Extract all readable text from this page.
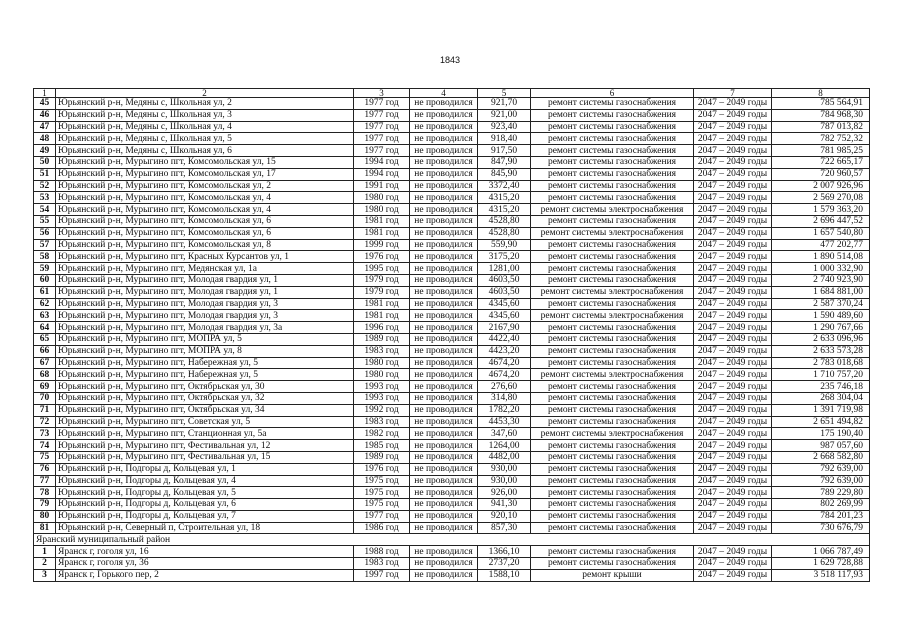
1843
1	2	3	4	5	6	7	8
45	Юрьянский р-н, Медяны с, Школьная ул, 2	1977 год	не проводился	921,70	ремонт системы газоснабжения	2047 – 2049 годы	785 564,91
46	Юрьянский р-н, Медяны с, Школьная ул, 3	1977 год	не проводился	921,00	ремонт системы газоснабжения	2047 – 2049 годы	784 968,30
47	Юрьянский р-н, Медяны с, Школьная ул, 4	1977 год	не проводился	923,40	ремонт системы газоснабжения	2047 – 2049 годы	787 013,82
48	Юрьянский р-н, Медяны с, Школьная ул, 5	1977 год	не проводился	918,40	ремонт системы газоснабжения	2047 – 2049 годы	782 752,32
49	Юрьянский р-н, Медяны с, Школьная ул, 6	1977 год	не проводился	917,50	ремонт системы газоснабжения	2047 – 2049 годы	781 985,25
50	Юрьянский р-н, Мурыгино пгт, Комсомольская ул, 15	1994 год	не проводился	847,90	ремонт системы газоснабжения	2047 – 2049 годы	722 665,17
51	Юрьянский р-н, Мурыгино пгт, Комсомольская ул, 17	1994 год	не проводился	845,90	ремонт системы газоснабжения	2047 – 2049 годы	720 960,57
52	Юрьянский р-н, Мурыгино пгт, Комсомольская ул, 2	1991 год	не проводился	3372,40	ремонт системы газоснабжения	2047 – 2049 годы	2 007 926,96
53	Юрьянский р-н, Мурыгино пгт, Комсомольская ул, 4	1980 год	не проводился	4315,20	ремонт системы газоснабжения	2047 – 2049 годы	2 569 270,08
54	Юрьянский р-н, Мурыгино пгт, Комсомольская ул, 4	1980 год	не проводился	4315,20	ремонт системы электроснабжения	2047 – 2049 годы	1 579 363,20
55	Юрьянский р-н, Мурыгино пгт, Комсомольская ул, 6	1981 год	не проводился	4528,80	ремонт системы газоснабжения	2047 – 2049 годы	2 696 447,52
56	Юрьянский р-н, Мурыгино пгт, Комсомольская ул, 6	1981 год	не проводился	4528,80	ремонт системы электроснабжения	2047 – 2049 годы	1 657 540,80
57	Юрьянский р-н, Мурыгино пгт, Комсомольская ул, 8	1999 год	не проводился	559,90	ремонт системы газоснабжения	2047 – 2049 годы	477 202,77
58	Юрьянский р-н, Мурыгино пгт, Красных Курсантов ул, 1	1976 год	не проводился	3175,20	ремонт системы газоснабжения	2047 – 2049 годы	1 890 514,08
59	Юрьянский р-н, Мурыгино пгт, Медянская ул, 1а	1995 год	не проводился	1281,00	ремонт системы газоснабжения	2047 – 2049 годы	1 000 332,90
60	Юрьянский р-н, Мурыгино пгт, Молодая гвардия ул, 1	1979 год	не проводился	4603,50	ремонт системы газоснабжения	2047 – 2049 годы	2 740 923,90
61	Юрьянский р-н, Мурыгино пгт, Молодая гвардия ул, 1	1979 год	не проводился	4603,50	ремонт системы электроснабжения	2047 – 2049 годы	1 684 881,00
62	Юрьянский р-н, Мурыгино пгт, Молодая гвардия ул, 3	1981 год	не проводился	4345,60	ремонт системы газоснабжения	2047 – 2049 годы	2 587 370,24
63	Юрьянский р-н, Мурыгино пгт, Молодая гвардия ул, 3	1981 год	не проводился	4345,60	ремонт системы электроснабжения	2047 – 2049 годы	1 590 489,60
64	Юрьянский р-н, Мурыгино пгт, Молодая гвардия ул, 3а	1996 год	не проводился	2167,90	ремонт системы газоснабжения	2047 – 2049 годы	1 290 767,66
65	Юрьянский р-н, Мурыгино пгт, МОПРА ул, 5	1989 год	не проводился	4422,40	ремонт системы газоснабжения	2047 – 2049 годы	2 633 096,96
66	Юрьянский р-н, Мурыгино пгт, МОПРА ул, 8	1983 год	не проводился	4423,20	ремонт системы газоснабжения	2047 – 2049 годы	2 633 573,28
67	Юрьянский р-н, Мурыгино пгт, Набережная ул, 5	1980 год	не проводился	4674,20	ремонт системы газоснабжения	2047 – 2049 годы	2 783 018,68
68	Юрьянский р-н, Мурыгино пгт, Набережная ул, 5	1980 год	не проводился	4674,20	ремонт системы электроснабжения	2047 – 2049 годы	1 710 757,20
69	Юрьянский р-н, Мурыгино пгт, Октябрьская ул, 30	1993 год	не проводился	276,60	ремонт системы газоснабжения	2047 – 2049 годы	235 746,18
70	Юрьянский р-н, Мурыгино пгт, Октябрьская ул, 32	1993 год	не проводился	314,80	ремонт системы газоснабжения	2047 – 2049 годы	268 304,04
71	Юрьянский р-н, Мурыгино пгт, Октябрьская ул, 34	1992 год	не проводился	1782,20	ремонт системы газоснабжения	2047 – 2049 годы	1 391 719,98
72	Юрьянский р-н, Мурыгино пгт, Советская ул, 5	1983 год	не проводился	4453,30	ремонт системы газоснабжения	2047 – 2049 годы	2 651 494,82
73	Юрьянский р-н, Мурыгино пгт, Станционная ул, 5а	1982 год	не проводился	347,60	ремонт системы электроснабжения	2047 – 2049 годы	175 190,40
74	Юрьянский р-н, Мурыгино пгт, Фестивальная ул, 12	1985 год	не проводился	1264,00	ремонт системы газоснабжения	2047 – 2049 годы	987 057,60
75	Юрьянский р-н, Мурыгино пгт, Фестивальная ул, 15	1989 год	не проводился	4482,00	ремонт системы газоснабжения	2047 – 2049 годы	2 668 582,80
76	Юрьянский р-н, Подгоры д, Кольцевая ул, 1	1976 год	не проводился	930,00	ремонт системы газоснабжения	2047 – 2049 годы	792 639,00
77	Юрьянский р-н, Подгоры д, Кольцевая ул, 4	1975 год	не проводился	930,00	ремонт системы газоснабжения	2047 – 2049 годы	792 639,00
78	Юрьянский р-н, Подгоры д, Кольцевая ул, 5	1975 год	не проводился	926,00	ремонт системы газоснабжения	2047 – 2049 годы	789 229,80
79	Юрьянский р-н, Подгоры д, Кольцевая ул, 6	1975 год	не проводился	941,30	ремонт системы газоснабжения	2047 – 2049 годы	802 269,99
80	Юрьянский р-н, Подгоры д, Кольцевая ул, 7	1977 год	не проводился	920,10	ремонт системы газоснабжения	2047 – 2049 годы	784 201,23
81	Юрьянский р-н, Северный п, Строительная ул, 18	1986 год	не проводился	857,30	ремонт системы газоснабжения	2047 – 2049 годы	730 676,79
Яранский муниципальный район							
1	Яранск г, гоголя ул, 16	1988 год	не проводился	1366,10	ремонт системы газоснабжения	2047 – 2049 годы	1 066 787,49
2	Яранск г, гоголя ул, 36	1983 год	не проводился	2737,20	ремонт системы газоснабжения	2047 – 2049 годы	1 629 728,88
3	Яранск г, Горького пер, 2	1997 год	не проводился	1588,10	ремонт крыши	2047 – 2049 годы	3 518 117,93
